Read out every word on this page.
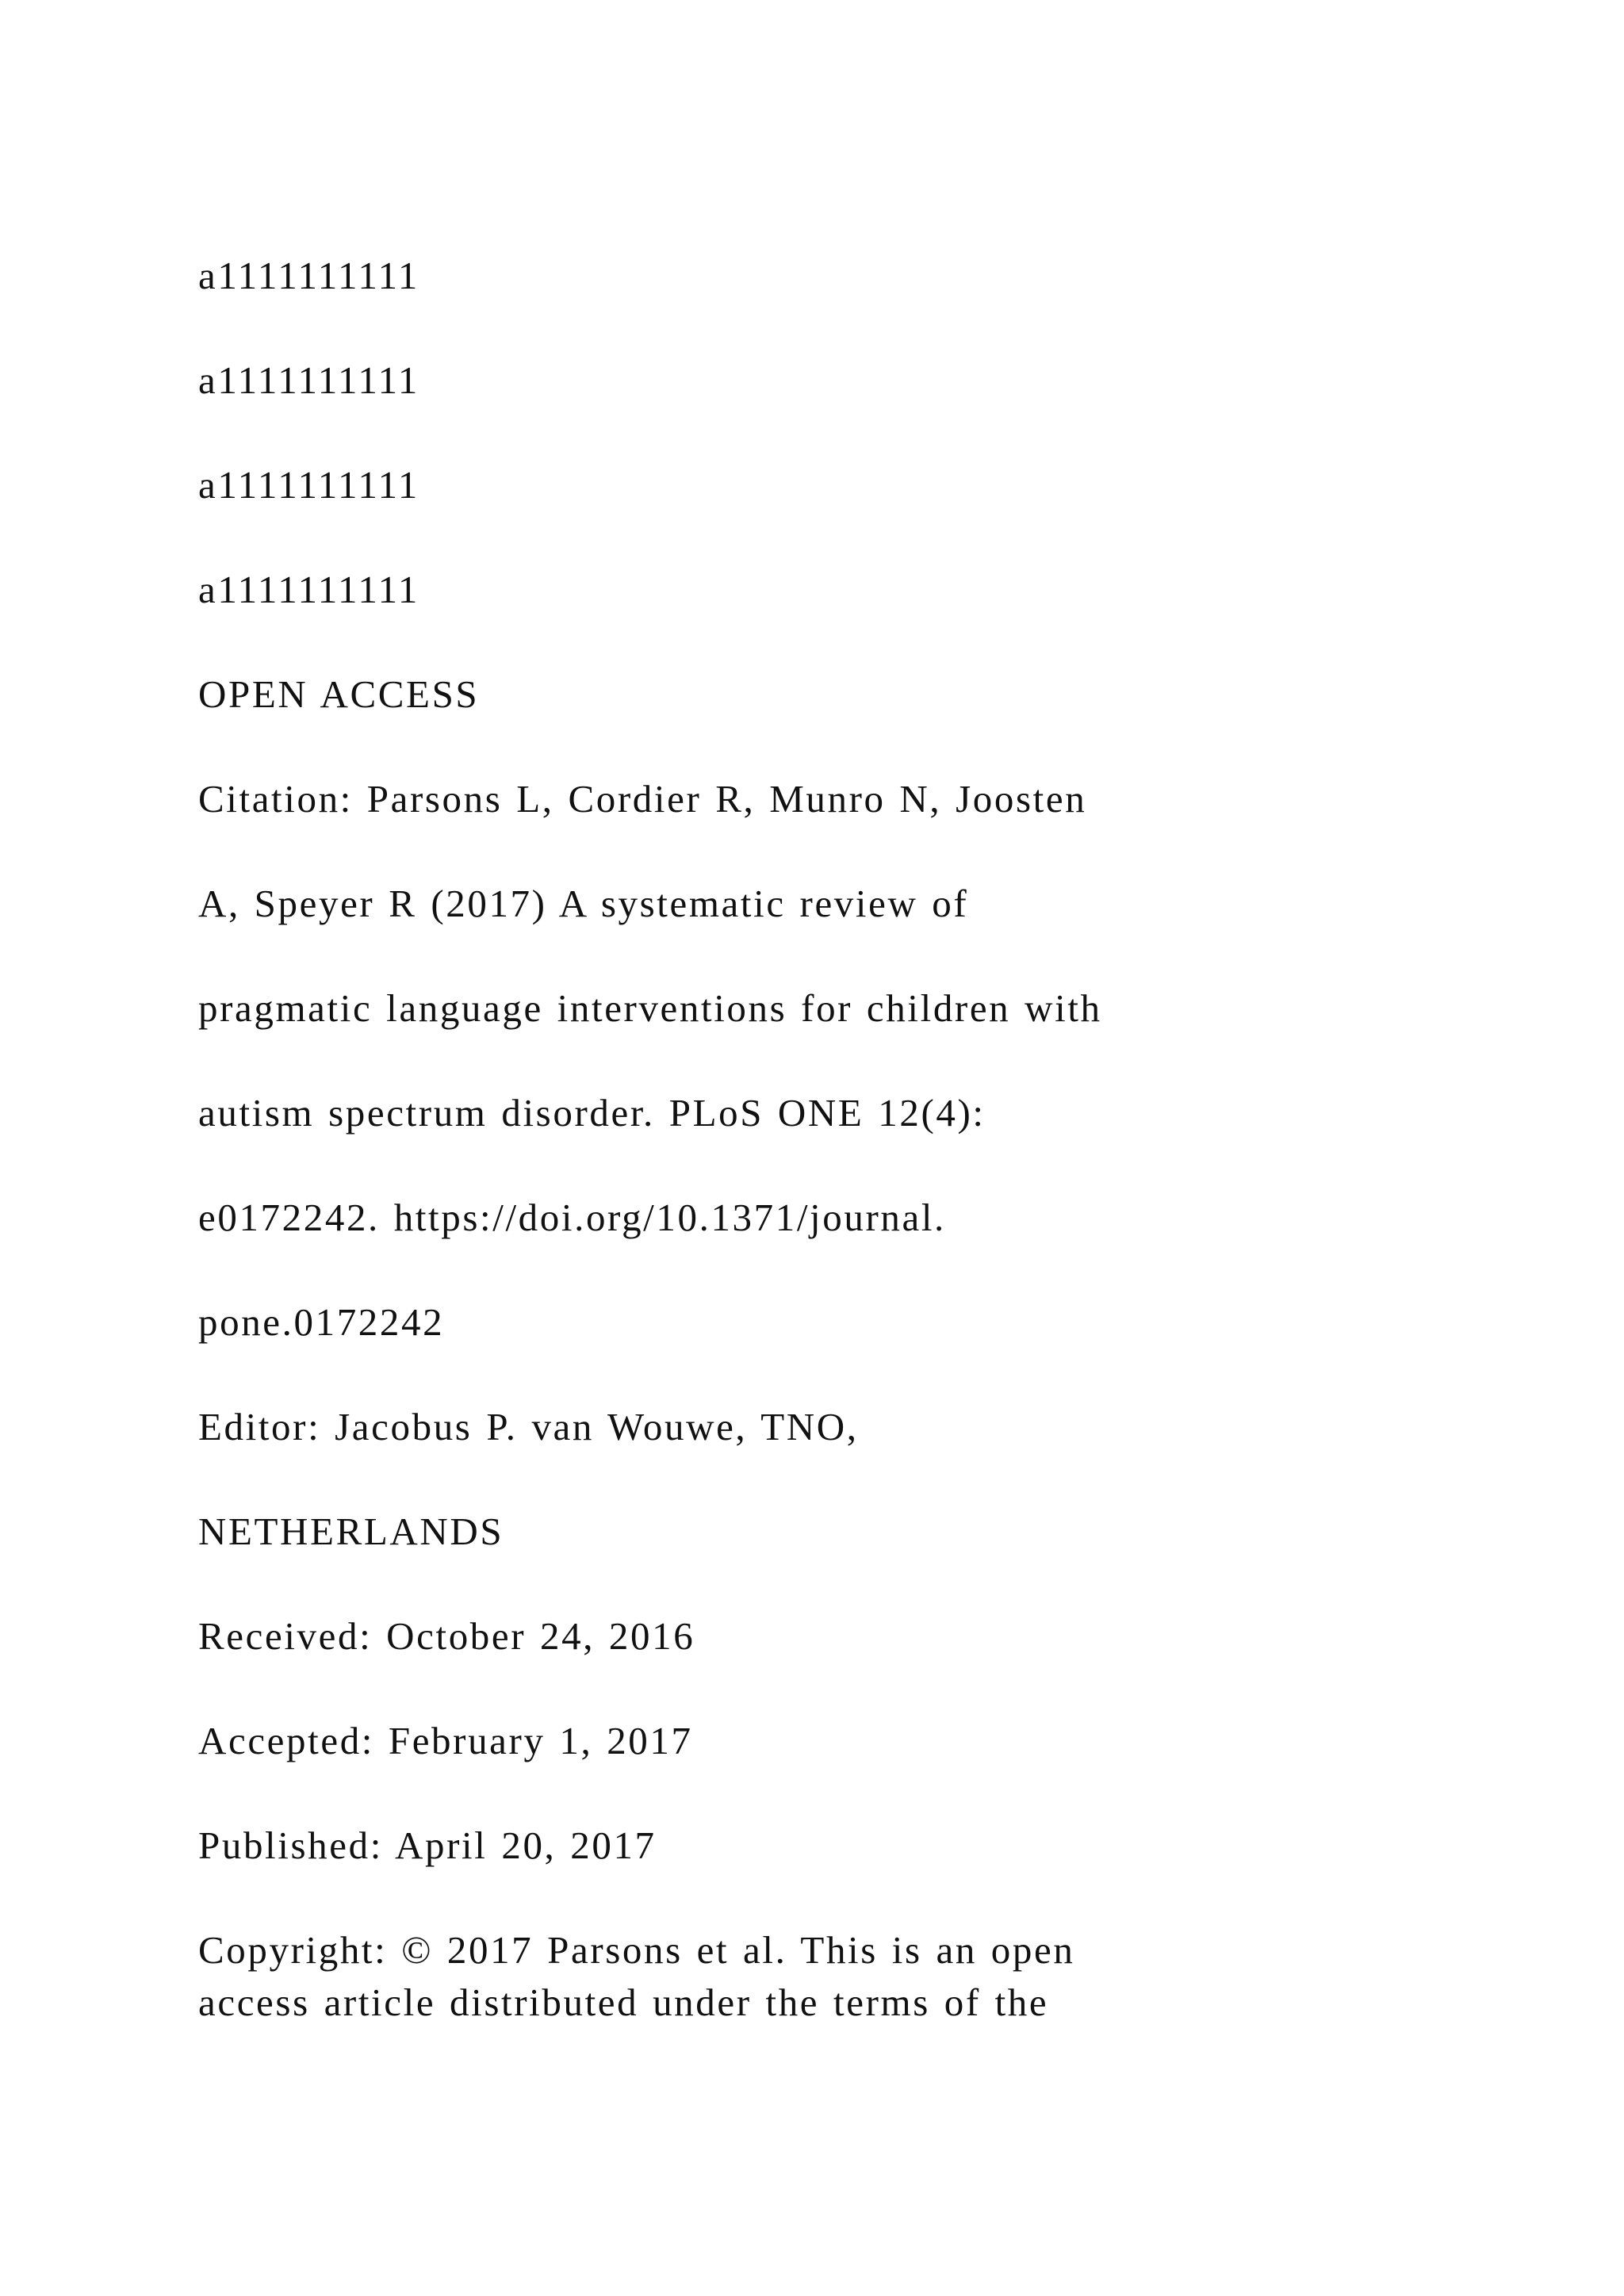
a1111111111

a1111111111

a1111111111

a1111111111

OPEN ACCESS

Citation: Parsons L, Cordier R, Munro N, Joosten

A, Speyer R (2017) A systematic review of

pragmatic language interventions for children with

autism spectrum disorder. PLoS ONE 12(4):

e0172242. https://doi.org/10.1371/journal.

pone.0172242

Editor: Jacobus P. van Wouwe, TNO,

NETHERLANDS

Received: October 24, 2016

Accepted: February 1, 2017

Published: April 20, 2017

Copyright: © 2017 Parsons et al. This is an open

access article distributed under the terms of the
